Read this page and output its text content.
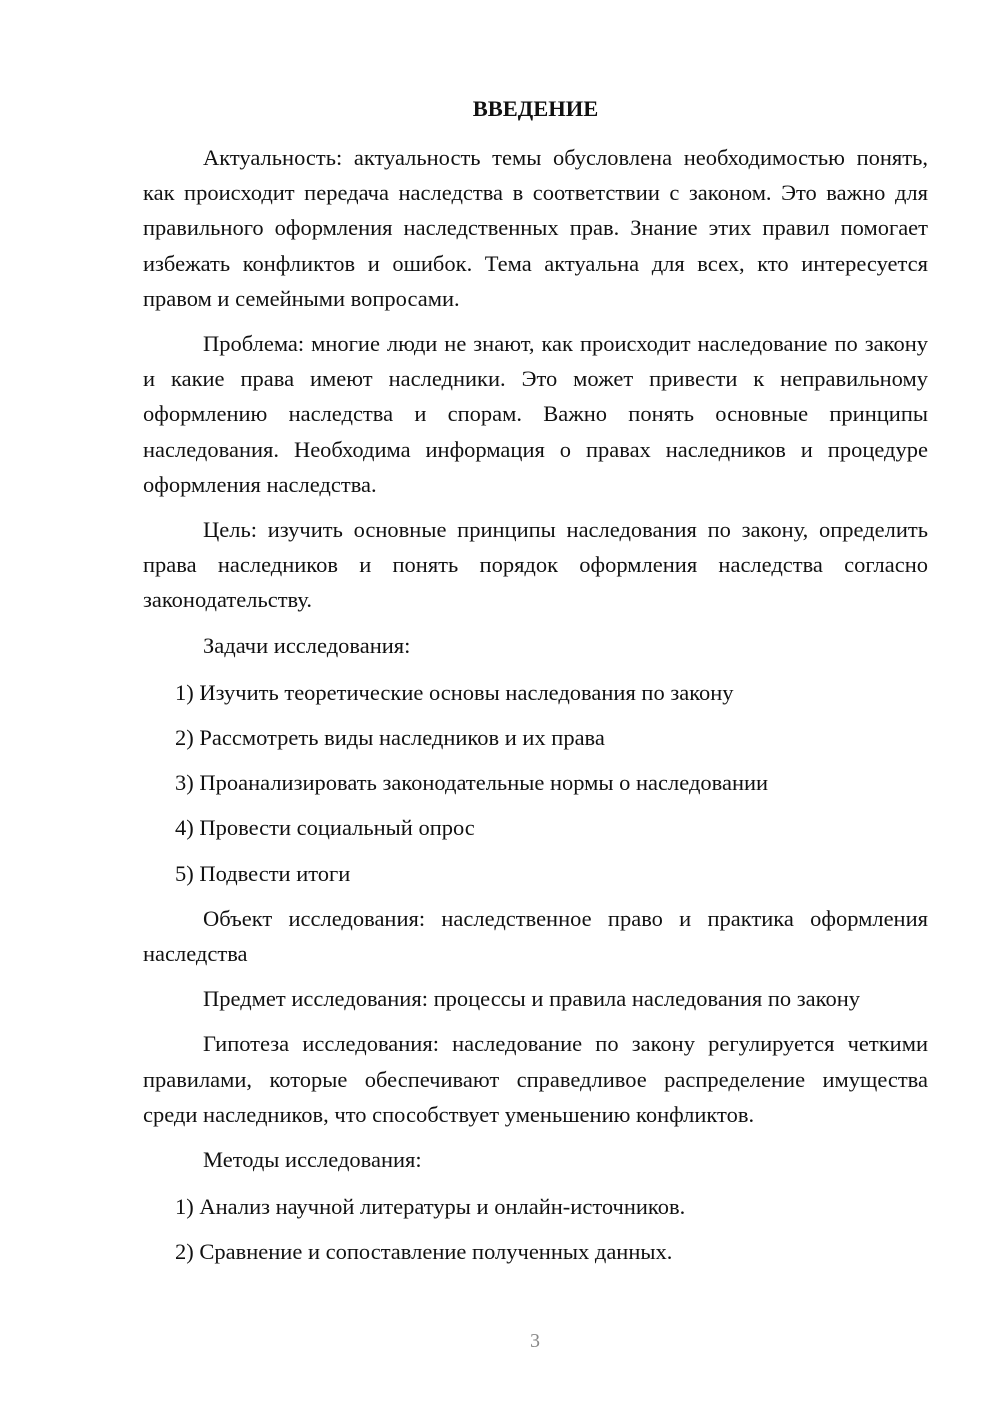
ВВЕДЕНИЕ
Актуальность: актуальность темы обусловлена необходимостью понять, как происходит передача наследства в соответствии с законом. Это важно для правильного оформления наследственных прав. Знание этих правил помогает избежать конфликтов и ошибок. Тема актуальна для всех, кто интересуется правом и семейными вопросами.
Проблема: многие люди не знают, как происходит наследование по закону и какие права имеют наследники. Это может привести к неправильному оформлению наследства и спорам. Важно понять основные принципы наследования. Необходима информация о правах наследников и процедуре оформления наследства.
Цель: изучить основные принципы наследования по закону, определить права наследников и понять порядок оформления наследства согласно законодательству.
Задачи исследования:
1) Изучить теоретические основы наследования по закону
2) Рассмотреть виды наследников и их права
3) Проанализировать законодательные нормы о наследовании
4) Провести социальный опрос
5) Подвести итоги
Объект исследования: наследственное право и практика оформления наследства
Предмет исследования: процессы и правила наследования по закону
Гипотеза исследования: наследование по закону регулируется четкими правилами, которые обеспечивают справедливое распределение имущества среди наследников, что способствует уменьшению конфликтов.
Методы исследования:
1) Анализ научной литературы и онлайн-источников.
2) Сравнение и сопоставление полученных данных.
3
